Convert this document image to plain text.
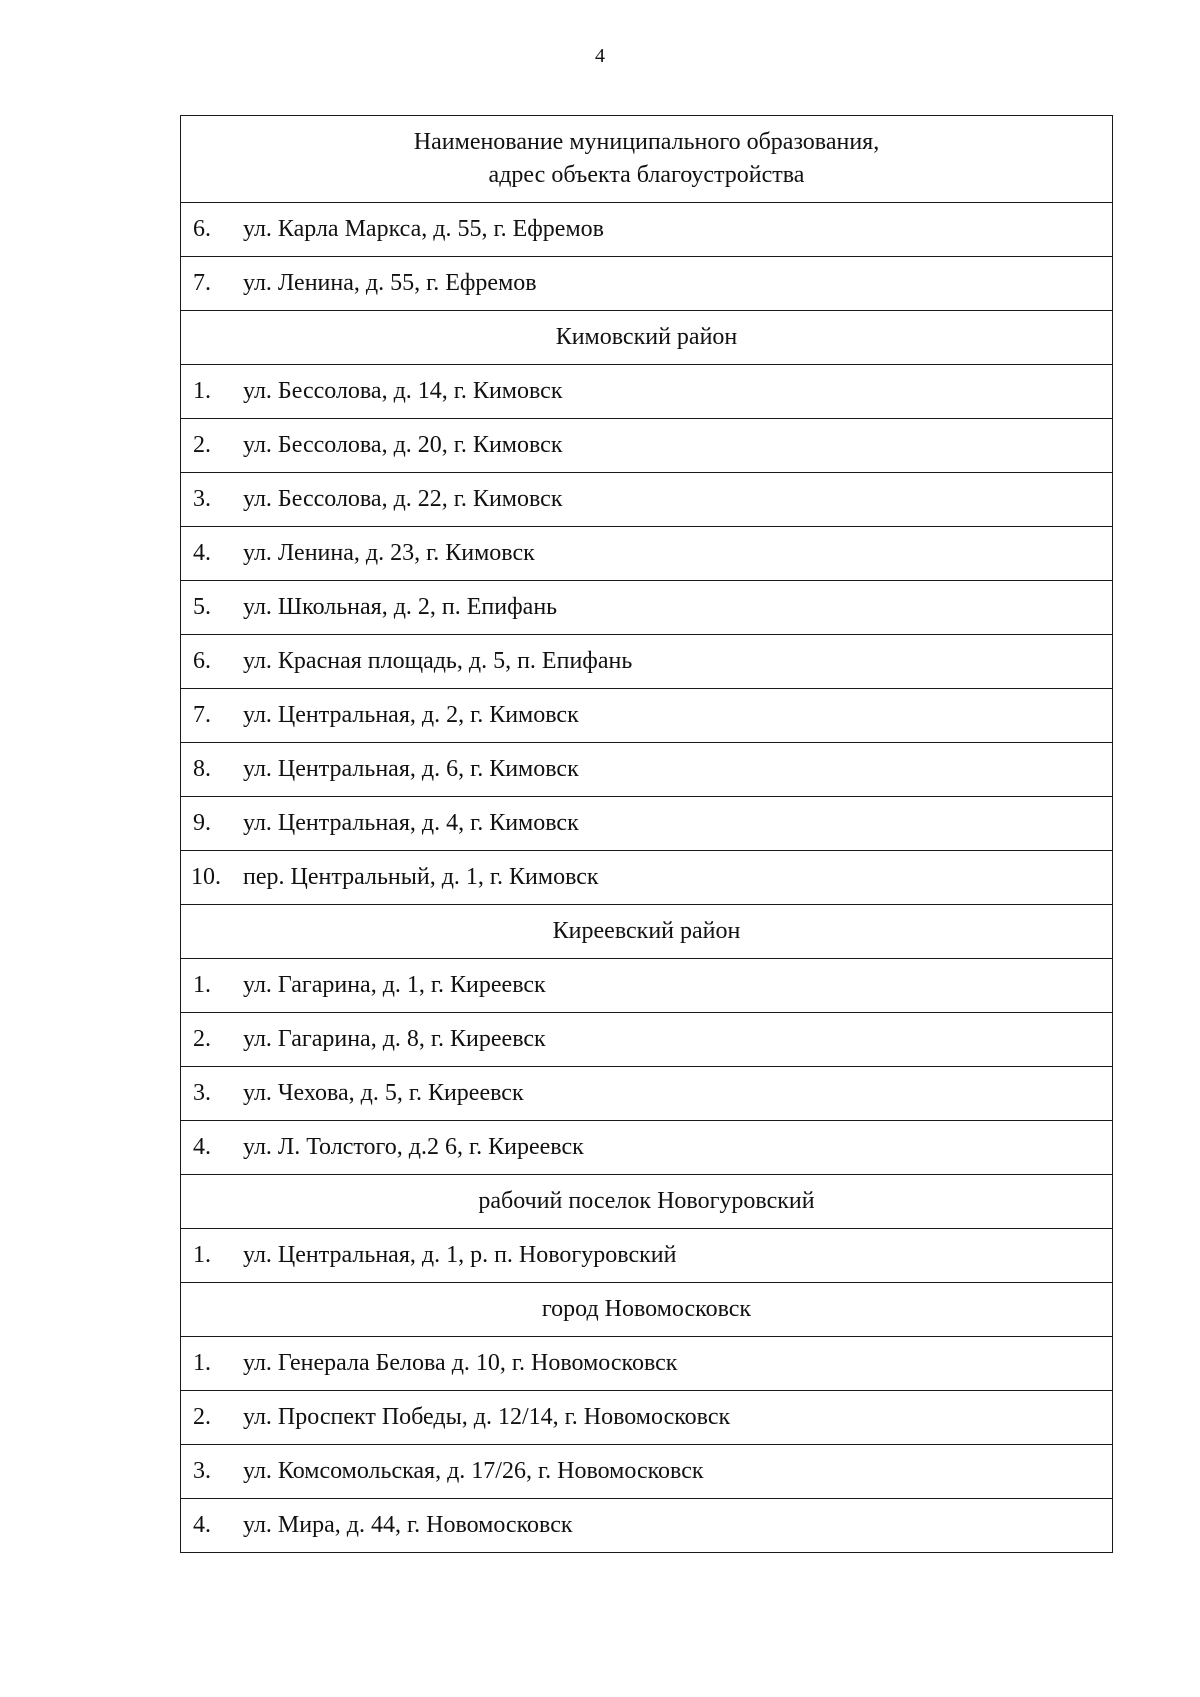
4
Наименование муниципального образования,
адрес объекта благоустройства

6.	ул. Карла Маркса, д. 55, г. Ефремов

7.	ул. Ленина, д. 55, г. Ефремов

Кимовский район

1.	ул. Бессолова, д. 14, г. Кимовск

2.	ул. Бессолова, д. 20, г. Кимовск

3.	ул. Бессолова, д. 22, г. Кимовск

4.	ул. Ленина, д. 23, г. Кимовск

5.	ул. Школьная, д. 2, п. Епифань

6.	ул. Красная площадь, д. 5, п. Епифань

7.	ул. Центральная, д. 2, г. Кимовск

8.	ул. Центральная, д. 6, г. Кимовск

9.	ул. Центральная, д. 4, г. Кимовск

10. пер. Центральный, д. 1, г. Кимовск

Киреевский район

1.	ул. Гагарина, д. 1, г. Киреевск

2.	ул. Гагарина, д. 8, г. Киреевск

3.	ул. Чехова, д. 5, г. Киреевск

4.	ул. Л. Толстого, д.2 6, г. Киреевск

рабочий поселок Новогуровский

1.	ул. Центральная, д. 1, р. п. Новогуровский

город Новомосковск

1.	ул. Генерала Белова д. 10, г. Новомосковск

2.	ул. Проспект Победы, д. 12/14, г. Новомосковск

3.	ул. Комсомольская, д. 17/26, г. Новомосковск

4.	ул. Мира, д. 44, г. Новомосковск
